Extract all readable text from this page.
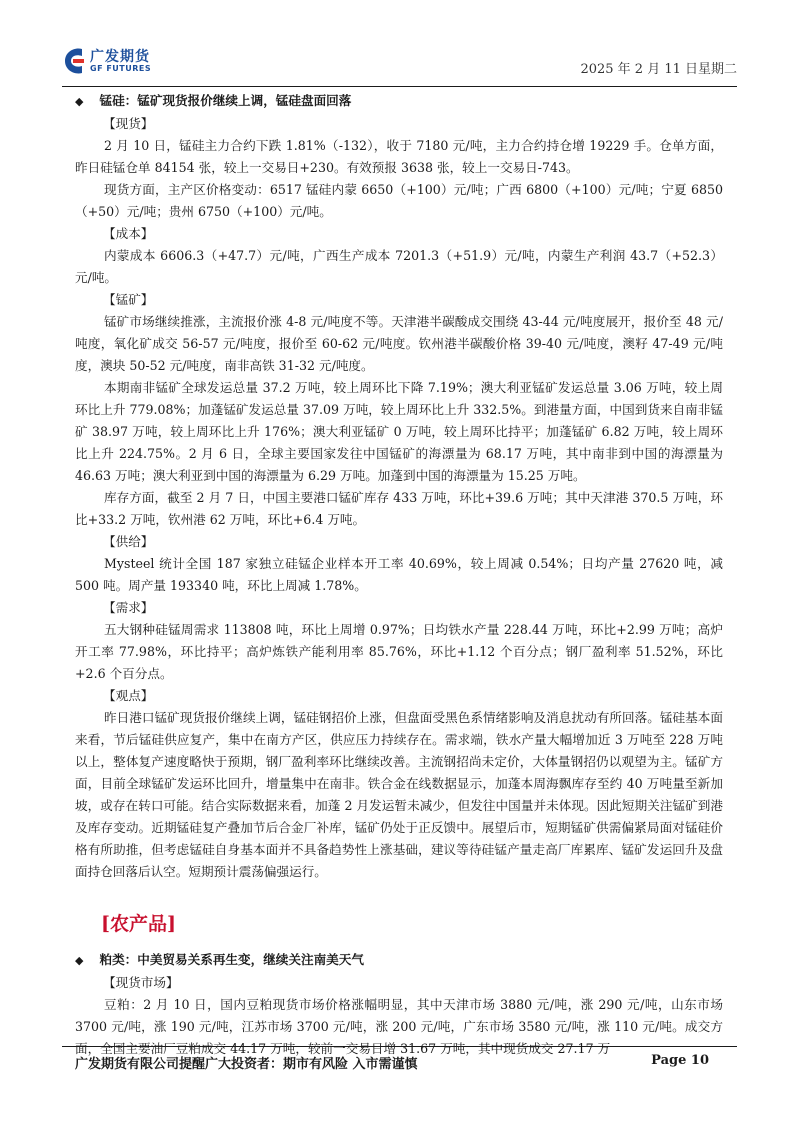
广发期货
GF FUTURES	2025 年 2 月 11 日星期二

◆ 锰硅：锰矿现货报价继续上调，锰硅盘面回落

【现货】

2 月 10 日，锰硅主力合约下跌 1.81%（-132），收于 7180 元/吨，主力合约持仓增 19229 手。仓单方面，昨日硅锰仓单 84154 张，较上一交易日+230。有效预报 3638 张，较上一交易日-743。

现货方面，主产区价格变动：6517 锰硅内蒙 6650（+100）元/吨；广西 6800（+100）元/吨；宁夏 6850（+50）元/吨；贵州 6750（+100）元/吨。

【成本】

内蒙成本 6606.3（+47.7）元/吨，广西生产成本 7201.3（+51.9）元/吨，内蒙生产利润 43.7（+52.3）元/吨。

【锰矿】

锰矿市场继续推涨，主流报价涨 4-8 元/吨度不等。天津港半碳酸成交围绕 43-44 元/吨度展开，报价至 48 元/吨度，氧化矿成交 56-57 元/吨度，报价至 60-62 元/吨度。钦州港半碳酸价格 39-40 元/吨度，澳籽 47-49 元/吨度，澳块 50-52 元/吨度，南非高铁 31-32 元/吨度。

本期南非锰矿全球发运总量 37.2 万吨，较上周环比下降 7.19%；澳大利亚锰矿发运总量 3.06 万吨，较上周环比上升 779.08%；加蓬锰矿发运总量 37.09 万吨，较上周环比上升 332.5%。到港量方面，中国到货来自南非锰矿 38.97 万吨，较上周环比上升 176%；澳大利亚锰矿 0 万吨，较上周环比持平；加蓬锰矿 6.82 万吨，较上周环比上升 224.75%。2 月 6 日，全球主要国家发往中国锰矿的海漂量为 68.17 万吨，其中南非到中国的海漂量为 46.63 万吨；澳大利亚到中国的海漂量为 6.29 万吨。加蓬到中国的海漂量为 15.25 万吨。

库存方面，截至 2 月 7 日，中国主要港口锰矿库存 433 万吨，环比+39.6 万吨；其中天津港 370.5 万吨，环比+33.2 万吨，钦州港 62 万吨，环比+6.4 万吨。

【供给】

Mysteel 统计全国 187 家独立硅锰企业样本开工率 40.69%，较上周减 0.54%；日均产量 27620 吨，减 500 吨。周产量 193340 吨，环比上周减 1.78%。

【需求】

五大钢种硅锰周需求 113808 吨，环比上周增 0.97%；日均铁水产量 228.44 万吨，环比+2.99 万吨；高炉开工率 77.98%，环比持平；高炉炼铁产能利用率 85.76%，环比+1.12 个百分点；钢厂盈利率 51.52%，环比+2.6 个百分点。

【观点】

昨日港口锰矿现货报价继续上调，锰硅钢招价上涨，但盘面受黑色系情绪影响及消息扰动有所回落。锰硅基本面来看，节后锰硅供应复产，集中在南方产区，供应压力持续存在。需求端，铁水产量大幅增加近 3 万吨至 228 万吨以上，整体复产速度略快于预期，钢厂盈利率环比继续改善。主流钢招尚未定价，大体量钢招仍以观望为主。锰矿方面，目前全球锰矿发运环比回升，增量集中在南非。铁合金在线数据显示，加蓬本周海飘库存至约 40 万吨量至新加坡，或存在转口可能。结合实际数据来看，加蓬 2 月发运暂未减少，但发往中国量并未体现。因此短期关注锰矿到港及库存变动。近期锰硅复产叠加节后合金厂补库，锰矿仍处于正反馈中。展望后市，短期锰矿供需偏紧局面对锰硅价格有所助推，但考虑锰硅自身基本面并不具备趋势性上涨基础，建议等待硅锰产量走高厂库累库、锰矿发运回升及盘面持仓回落后认空。短期预计震荡偏强运行。

[农产品]

◆ 粕类：中美贸易关系再生变，继续关注南美天气

【现货市场】

豆粕：2 月 10 日，国内豆粕现货市场价格涨幅明显，其中天津市场 3880 元/吨，涨 290 元/吨，山东市场 3700 元/吨，涨 190 元/吨，江苏市场 3700 元/吨，涨 200 元/吨，广东市场 3580 元/吨，涨 110 元/吨。成交方面，全国主要油厂豆粕成交 44.17 万吨，较前一交易日增 31.67 万吨，其中现货成交 27.17 万

广发期货有限公司提醒广大投资者：期市有风险 入市需谨慎	Page 10
